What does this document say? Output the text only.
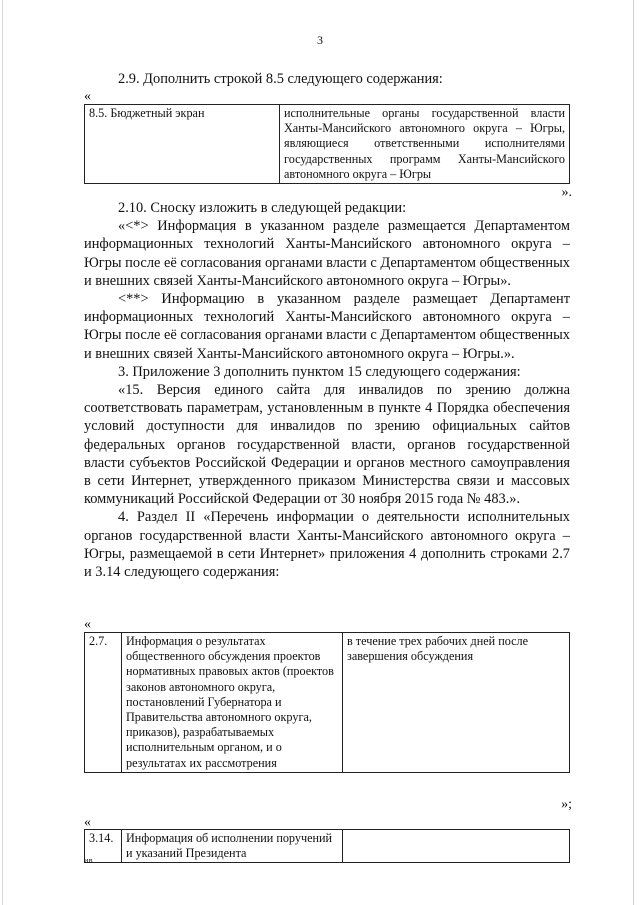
3

2.9. Дополнить строкой 8.5 следующего содержания:

«
8.5. Бюджетный экран	исполнительные органы государственной власти Ханты-Мансийского автономного округа – Югры, являющиеся ответственными исполнителями государственных программ Ханты-Мансийского автономного округа – Югры
».

2.10. Сноску изложить в следующей редакции:

«<*> Информация в указанном разделе размещается Департаментом информационных технологий Ханты-Мансийского автономного округа – Югры после её согласования органами власти с Департаментом общественных и внешних связей Ханты-Мансийского автономного округа – Югры».

<**> Информацию в указанном разделе размещает Департамент информационных технологий Ханты-Мансийского автономного округа – Югры после её согласования органами власти с Департаментом общественных и внешних связей Ханты-Мансийского автономного округа – Югры.».

3. Приложение 3 дополнить пунктом 15 следующего содержания:

«15. Версия единого сайта для инвалидов по зрению должна соответствовать параметрам, установленным в пункте 4 Порядка обеспечения условий доступности для инвалидов по зрению официальных сайтов федеральных органов государственной власти, органов государственной власти субъектов Российской Федерации и органов местного самоуправления в сети Интернет, утвержденного приказом Министерства связи и массовых коммуникаций Российской Федерации от 30 ноября 2015 года № 483.».

4. Раздел II «Перечень информации о деятельности исполнительных органов государственной власти Ханты-Мансийского автономного округа – Югры, размещаемой в сети Интернет» приложения 4 дополнить строками 2.7 и 3.14 следующего содержания:

«
2.7.	Информация о результатах общественного обсуждения проектов нормативных правовых актов (проектов законов автономного округа, постановлений Губернатора и Правительства автономного округа, приказов), разрабатываемых исполнительным органом, и о результатах их рассмотрения	в течение трех рабочих дней после завершения обсуждения
»;
«
3.14.	Информация об исполнении поручений и указаний Президента	
ив
